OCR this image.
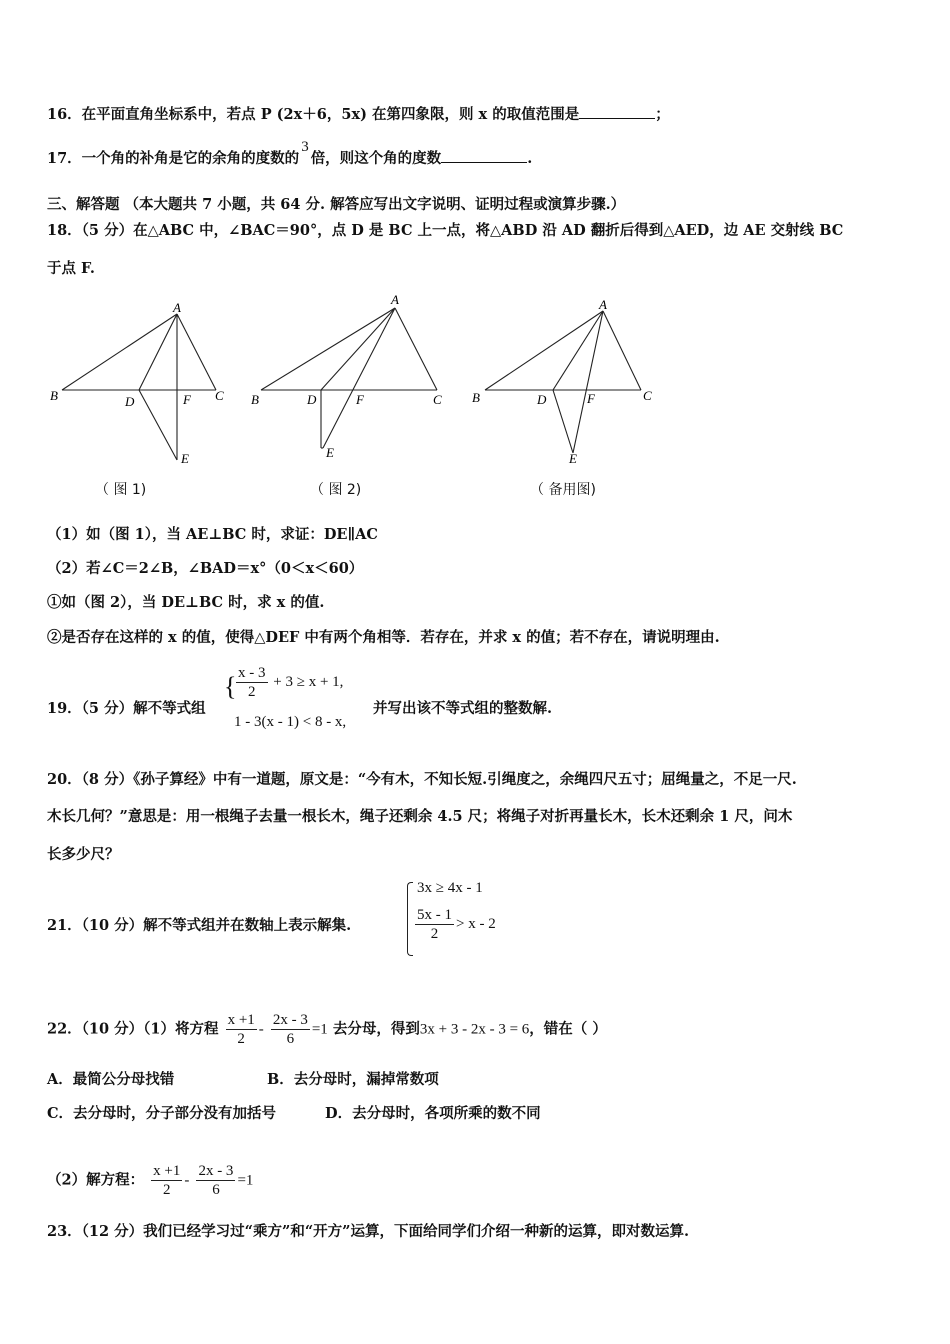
16．在平面直角坐标系中，若点 P (2x＋6，5x) 在第四象限，则 x 的取值范围是	；
17．一个角的补角是它的余角的度数的3倍，则这个角的度数	.
三、解答题 （本大题共 7 小题，共 64 分. 解答应写出文字说明、证明过程或演算步骤.）
18．（5 分）在△ABC 中，∠BAC＝90°，点 D 是 BC 上一点，将△ABD 沿 AD 翻折后得到△AED，边 AE 交射线 BC
于点 F.
A
B	C
D	F
E
（ 图 1)
A
B	C
D	F
E
（ 图 2)
A
B	C
D	F
E
（ 备用图)
（1）如（图 1），当 AE⊥BC 时，求证：DE∥AC
（2）若∠C＝2∠B，∠BAD＝x°（0＜x＜60）
①如（图 2），当 DE⊥BC 时，求 x 的值.
②是否存在这样的 x 的值，使得△DEF 中有两个角相等．若存在，并求 x 的值；若不存在，请说明理由.
19．（5 分）解不等式组
{ $\frac{x - 3}{2} + 3 \ge x + 1$,
1 - 3(x - 1) < 8 - x,
并写出该不等式组的整数解.
20．（8 分）《孙子算经》中有一道题，原文是：“今有木，不知长短.引绳度之，余绳四尺五寸；屈绳量之，不足一尺.
木长几何？”意思是：用一根绳子去量一根长木，绳子还剩余 4.5 尺；将绳子对折再量长木，长木还剩余 1 尺，问木
长多少尺？
21．（10 分）解不等式组并在数轴上表示解集.
3x ≥ 4x - 1
$\frac{5x - 1}{2} > x - 2$
22．（10 分）（1）将方程 $\frac{x +1}{2} - \frac{2x - 3}{6} =1$ 去分母，得到3x + 3 - 2x - 3 = 6，错在（ ）
A．最简公分母找错	B．去分母时，漏掉常数项
C．去分母时，分子部分没有加括号	D．去分母时，各项所乘的数不同
（2）解方程： $\frac{x +1}{2} - \frac{2x - 3}{6} =1$
23．（12 分）我们已经学习过“乘方”和“开方”运算，下面给同学们介绍一种新的运算，即对数运算.
